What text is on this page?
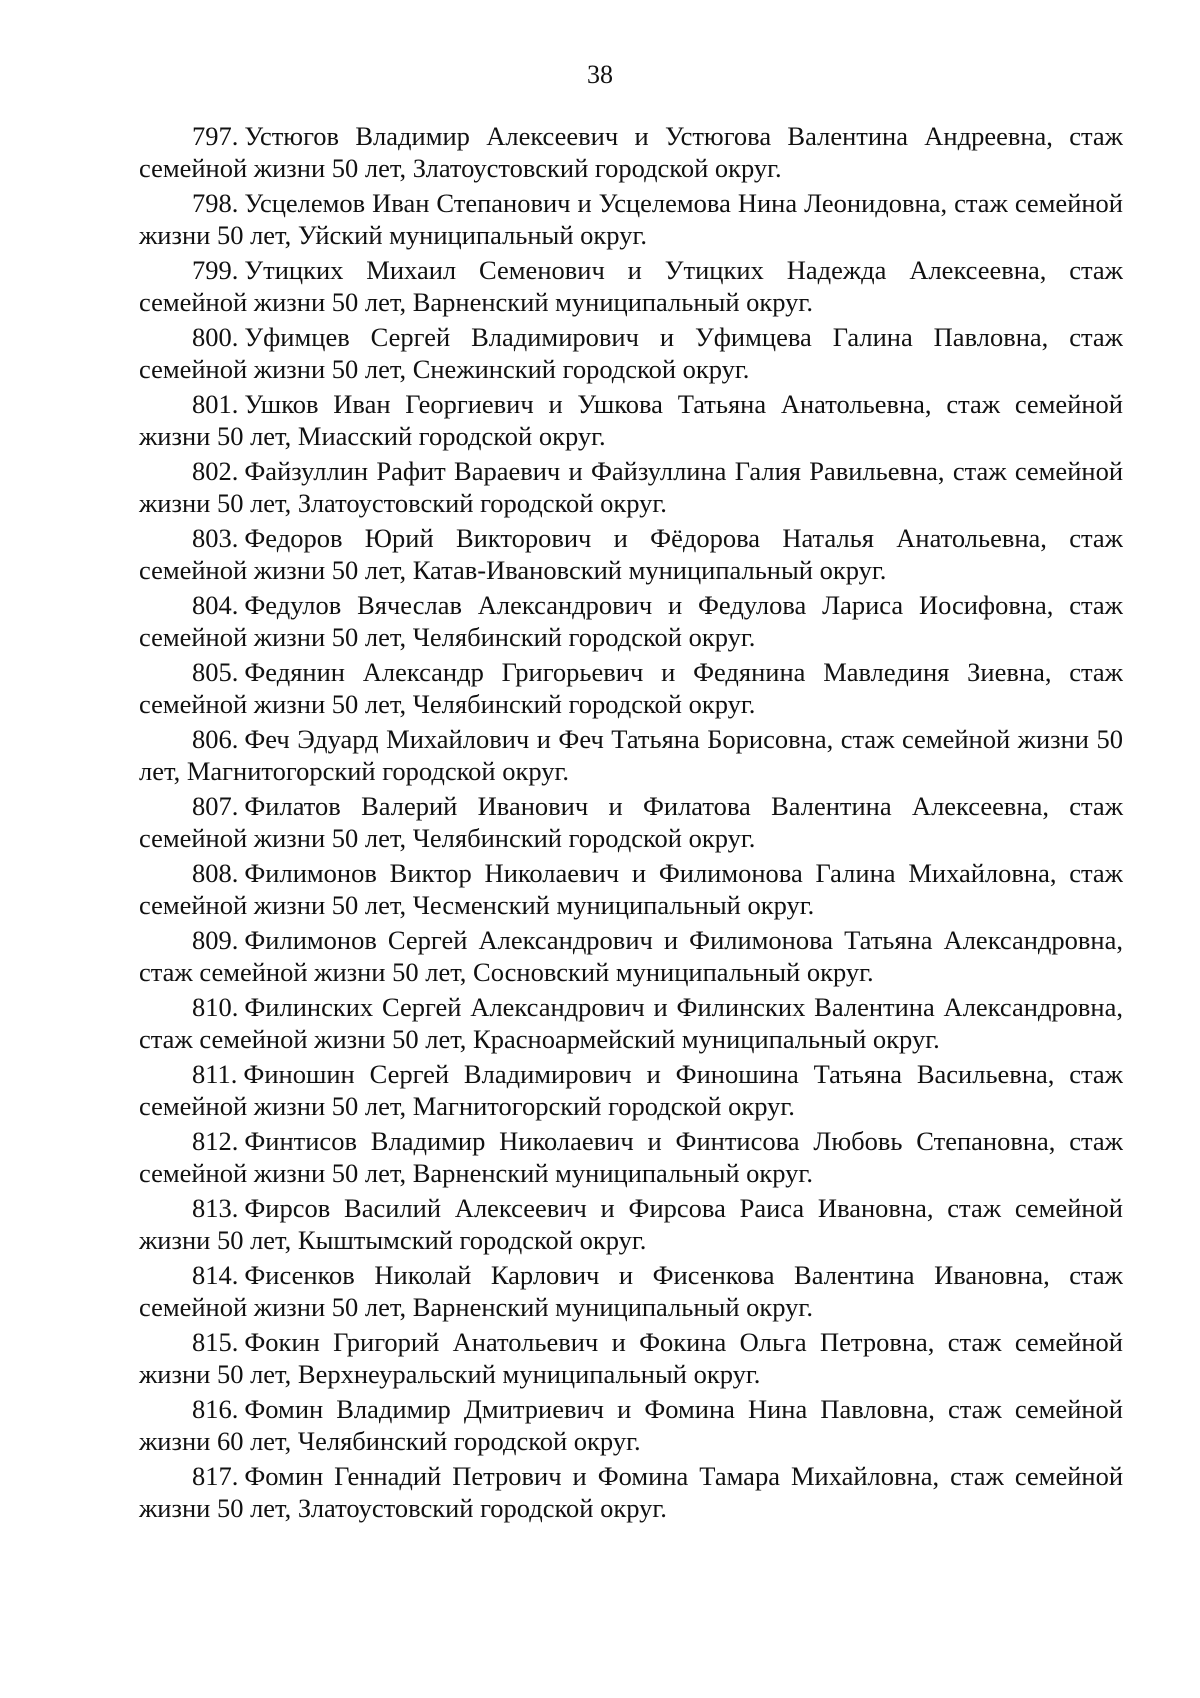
38

797. Устюгов Владимир Алексеевич и Устюгова Валентина Андреевна, стаж семейной жизни 50 лет, Златоустовский городской округ.

798. Усцелемов Иван Степанович и Усцелемова Нина Леонидовна, стаж семейной жизни 50 лет, Уйский муниципальный округ.

799. Утицких Михаил Семенович и Утицких Надежда Алексеевна, стаж семейной жизни 50 лет, Варненский муниципальный округ.

800. Уфимцев Сергей Владимирович и Уфимцева Галина Павловна, стаж семейной жизни 50 лет, Снежинский городской округ.

801. Ушков Иван Георгиевич и Ушкова Татьяна Анатольевна, стаж семейной жизни 50 лет, Миасский городской округ.

802. Файзуллин Рафит Вараевич и Файзуллина Галия Равильевна, стаж семейной жизни 50 лет, Златоустовский городской округ.

803. Федоров Юрий Викторович и Фёдорова Наталья Анатольевна, стаж семейной жизни 50 лет, Катав-Ивановский муниципальный округ.

804. Федулов Вячеслав Александрович и Федулова Лариса Иосифовна, стаж семейной жизни 50 лет, Челябинский городской округ.

805. Федянин Александр Григорьевич и Федянина Мавлединя Зиевна, стаж семейной жизни 50 лет, Челябинский городской округ.

806. Феч Эдуард Михайлович и Феч Татьяна Борисовна, стаж семейной жизни 50 лет, Магнитогорский городской округ.

807. Филатов Валерий Иванович и Филатова Валентина Алексеевна, стаж семейной жизни 50 лет, Челябинский городской округ.

808. Филимонов Виктор Николаевич и Филимонова Галина Михайловна, стаж семейной жизни 50 лет, Чесменский муниципальный округ.

809. Филимонов Сергей Александрович и Филимонова Татьяна Александровна, стаж семейной жизни 50 лет, Сосновский муниципальный округ.

810. Филинских Сергей Александрович и Филинских Валентина Александровна, стаж семейной жизни 50 лет, Красноармейский муниципальный округ.

811. Финошин Сергей Владимирович и Финошина Татьяна Васильевна, стаж семейной жизни 50 лет, Магнитогорский городской округ.

812. Финтисов Владимир Николаевич и Финтисова Любовь Степановна, стаж семейной жизни 50 лет, Варненский муниципальный округ.

813. Фирсов Василий Алексеевич и Фирсова Раиса Ивановна, стаж семейной жизни 50 лет, Кыштымский городской округ.

814. Фисенков Николай Карлович и Фисенкова Валентина Ивановна, стаж семейной жизни 50 лет, Варненский муниципальный округ.

815. Фокин Григорий Анатольевич и Фокина Ольга Петровна, стаж семейной жизни 50 лет, Верхнеуральский муниципальный округ.

816. Фомин Владимир Дмитриевич и Фомина Нина Павловна, стаж семейной жизни 60 лет, Челябинский городской округ.

817. Фомин Геннадий Петрович и Фомина Тамара Михайловна, стаж семейной жизни 50 лет, Златоустовский городской округ.
